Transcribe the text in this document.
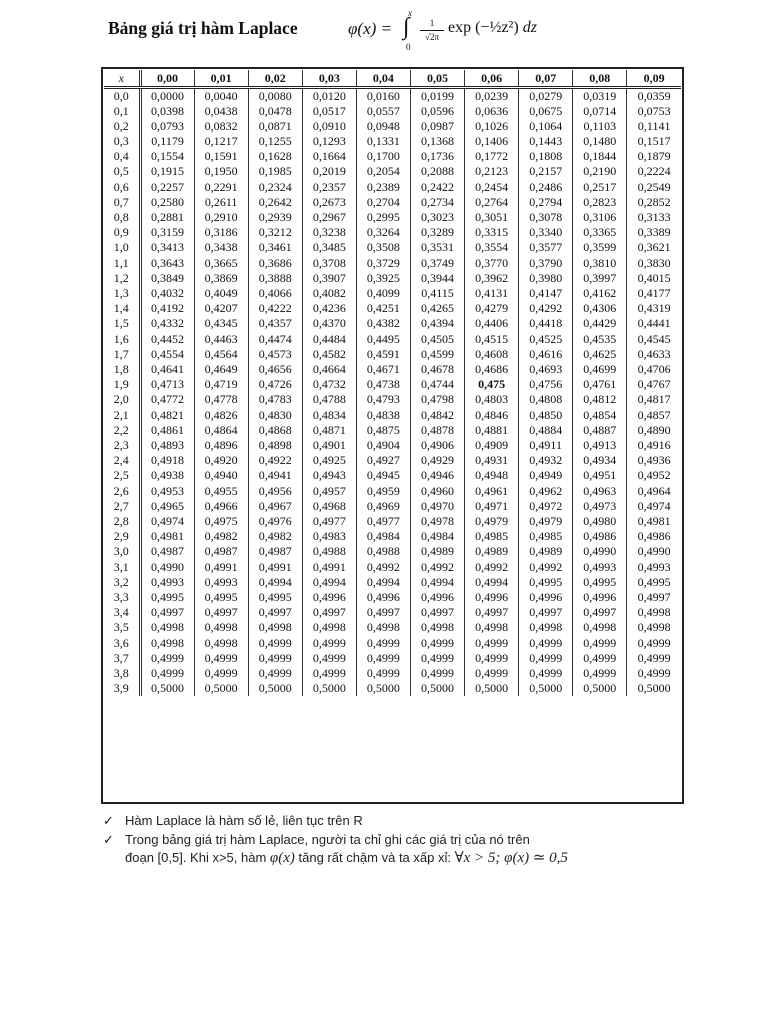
Bảng giá trị hàm Laplace	φ(x) =
x
∫
0
1
√2π
exp (−½z²) dz
x	0,00	0,01	0,02	0,03	0,04	0,05	0,06	0,07	0,08	0,09
0,0	0,0000	0,0040	0,0080	0,0120	0,0160	0,0199	0,0239	0,0279	0,0319	0,0359
0,1	0,0398	0,0438	0,0478	0,0517	0,0557	0,0596	0,0636	0,0675	0,0714	0,0753
0,2	0,0793	0,0832	0,0871	0,0910	0,0948	0,0987	0,1026	0,1064	0,1103	0,1141
0,3	0,1179	0,1217	0,1255	0,1293	0,1331	0,1368	0,1406	0,1443	0,1480	0,1517
0,4	0,1554	0,1591	0,1628	0,1664	0,1700	0,1736	0,1772	0,1808	0,1844	0,1879
0,5	0,1915	0,1950	0,1985	0,2019	0,2054	0,2088	0,2123	0,2157	0,2190	0,2224
0,6	0,2257	0,2291	0,2324	0,2357	0,2389	0,2422	0,2454	0,2486	0,2517	0,2549
0,7	0,2580	0,2611	0,2642	0,2673	0,2704	0,2734	0,2764	0,2794	0,2823	0,2852
0,8	0,2881	0,2910	0,2939	0,2967	0,2995	0,3023	0,3051	0,3078	0,3106	0,3133
0,9	0,3159	0,3186	0,3212	0,3238	0,3264	0,3289	0,3315	0,3340	0,3365	0,3389
1,0	0,3413	0,3438	0,3461	0,3485	0,3508	0,3531	0,3554	0,3577	0,3599	0,3621
1,1	0,3643	0,3665	0,3686	0,3708	0,3729	0,3749	0,3770	0,3790	0,3810	0,3830
1,2	0,3849	0,3869	0,3888	0,3907	0,3925	0,3944	0,3962	0,3980	0,3997	0,4015
1,3	0,4032	0,4049	0,4066	0,4082	0,4099	0,4115	0,4131	0,4147	0,4162	0,4177
1,4	0,4192	0,4207	0,4222	0,4236	0,4251	0,4265	0,4279	0,4292	0,4306	0,4319
1,5	0,4332	0,4345	0,4357	0,4370	0,4382	0,4394	0,4406	0,4418	0,4429	0,4441
1,6	0,4452	0,4463	0,4474	0,4484	0,4495	0,4505	0,4515	0,4525	0,4535	0,4545
1,7	0,4554	0,4564	0,4573	0,4582	0,4591	0,4599	0,4608	0,4616	0,4625	0,4633
1,8	0,4641	0,4649	0,4656	0,4664	0,4671	0,4678	0,4686	0,4693	0,4699	0,4706
1,9	0,4713	0,4719	0,4726	0,4732	0,4738	0,4744	0,475	0,4756	0,4761	0,4767
2,0	0,4772	0,4778	0,4783	0,4788	0,4793	0,4798	0,4803	0,4808	0,4812	0,4817
2,1	0,4821	0,4826	0,4830	0,4834	0,4838	0,4842	0,4846	0,4850	0,4854	0,4857
2,2	0,4861	0,4864	0,4868	0,4871	0,4875	0,4878	0,4881	0,4884	0,4887	0,4890
2,3	0,4893	0,4896	0,4898	0,4901	0,4904	0,4906	0,4909	0,4911	0,4913	0,4916
2,4	0,4918	0,4920	0,4922	0,4925	0,4927	0,4929	0,4931	0,4932	0,4934	0,4936
2,5	0,4938	0,4940	0,4941	0,4943	0,4945	0,4946	0,4948	0,4949	0,4951	0,4952
2,6	0,4953	0,4955	0,4956	0,4957	0,4959	0,4960	0,4961	0,4962	0,4963	0,4964
2,7	0,4965	0,4966	0,4967	0,4968	0,4969	0,4970	0,4971	0,4972	0,4973	0,4974
2,8	0,4974	0,4975	0,4976	0,4977	0,4977	0,4978	0,4979	0,4979	0,4980	0,4981
2,9	0,4981	0,4982	0,4982	0,4983	0,4984	0,4984	0,4985	0,4985	0,4986	0,4986
3,0	0,4987	0,4987	0,4987	0,4988	0,4988	0,4989	0,4989	0,4989	0,4990	0,4990
3,1	0,4990	0,4991	0,4991	0,4991	0,4992	0,4992	0,4992	0,4992	0,4993	0,4993
3,2	0,4993	0,4993	0,4994	0,4994	0,4994	0,4994	0,4994	0,4995	0,4995	0,4995
3,3	0,4995	0,4995	0,4995	0,4996	0,4996	0,4996	0,4996	0,4996	0,4996	0,4997
3,4	0,4997	0,4997	0,4997	0,4997	0,4997	0,4997	0,4997	0,4997	0,4997	0,4998
3,5	0,4998	0,4998	0,4998	0,4998	0,4998	0,4998	0,4998	0,4998	0,4998	0,4998
3,6	0,4998	0,4998	0,4999	0,4999	0,4999	0,4999	0,4999	0,4999	0,4999	0,4999
3,7	0,4999	0,4999	0,4999	0,4999	0,4999	0,4999	0,4999	0,4999	0,4999	0,4999
3,8	0,4999	0,4999	0,4999	0,4999	0,4999	0,4999	0,4999	0,4999	0,4999	0,4999
3,9	0,5000	0,5000	0,5000	0,5000	0,5000	0,5000	0,5000	0,5000	0,5000	0,5000
✓ Hàm Laplace là hàm số lẻ, liên tục trên R
✓ Trong bảng giá trị hàm Laplace, người ta chỉ ghi các giá trị của nó trên
đoạn [0,5]. Khi x>5, hàm φ(x) tăng rất chậm và ta xấp xỉ: ∀x > 5; φ(x) ≃ 0,5
